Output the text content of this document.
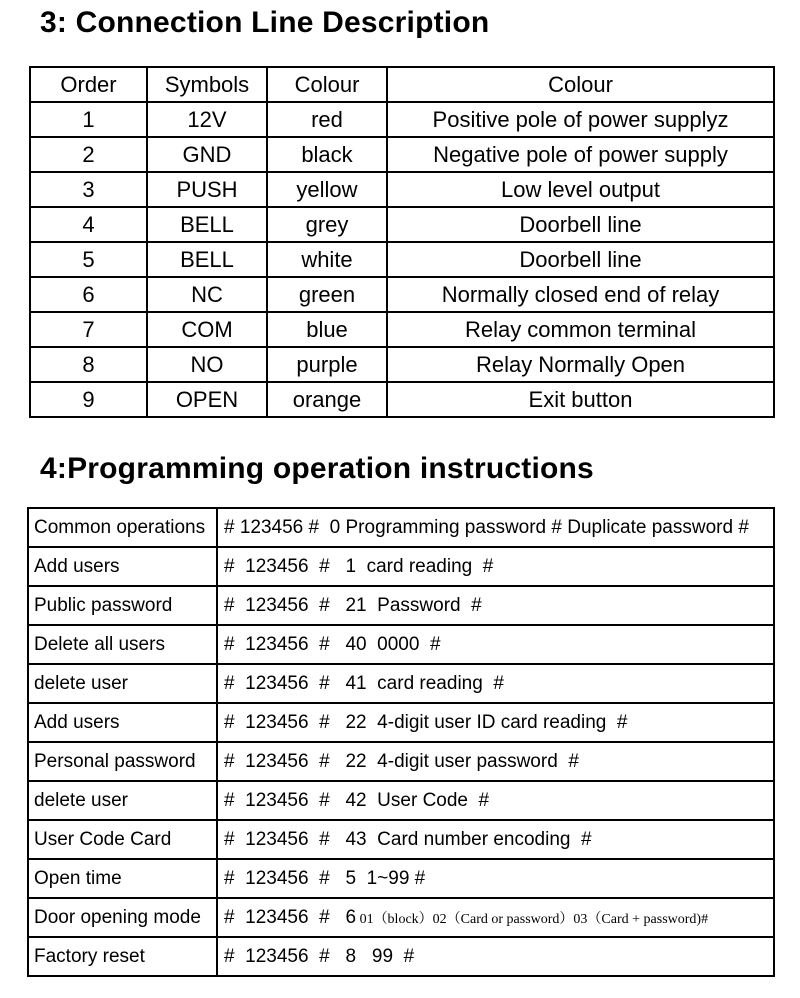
3: Connection Line Description
Order	Symbols	Colour	Colour
1	12V	red	Positive pole of power supplyz
2	GND	black	Negative pole of power supply
3	PUSH	yellow	Low level output
4	BELL	grey	Doorbell line
5	BELL	white	Doorbell line
6	NC	green	Normally closed end of relay
7	COM	blue	Relay common terminal
8	NO	purple	Relay Normally Open
9	OPEN	orange	Exit button
4:Programming operation instructions
Common operations	# 123456 #  0 Programming password # Duplicate password #
Add users	#  123456  #   1  card reading  #
Public password	#  123456  #   21  Password  #
Delete all users	#  123456  #   40  0000  #
delete user	#  123456  #   41  card reading  #
Add users	#  123456  #   22  4-digit user ID card reading  #
Personal password	#  123456  #   22  4-digit user password  #
delete user	#  123456  #   42  User Code  #
User Code Card	#  123456  #   43  Card number encoding  #
Open time	#  123456  #   5  1~99 #
Door opening mode	#  123456  #   6 01（block）02（Card or password）03（Card + password)#
Factory reset	#  123456  #   8   99  #
